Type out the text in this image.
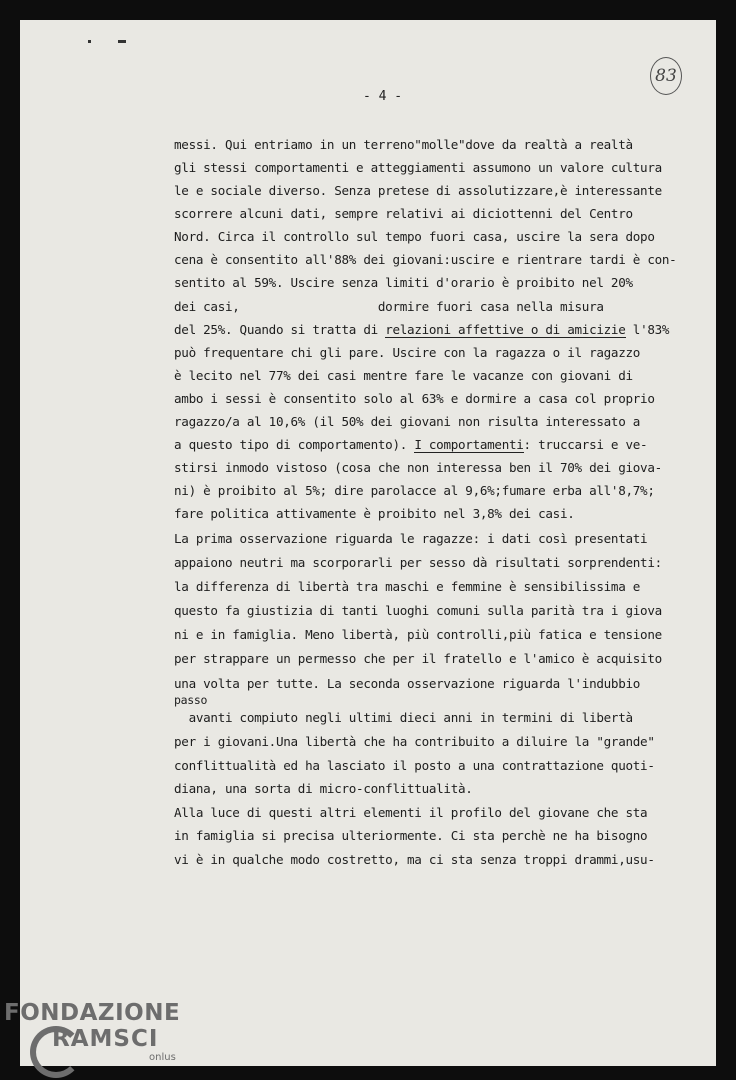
83
- 4 -
messi. Qui entriamo in un terreno"molle"dove da realtà a realtà
gli stessi comportamenti e atteggiamenti assumono un valore cultura
le e sociale diverso. Senza pretese di assolutizzare,è interessante
scorrere alcuni dati, sempre relativi ai diciottenni del Centro
Nord. Circa il controllo sul tempo fuori casa, uscire la sera dopo
cena è consentito all'88% dei giovani:uscire e rientrare tardi è con-
sentito al 59%. Uscire senza limiti d'orario è proibito nel 20%
dei casi,                   dormire fuori casa nella misura
del 25%. Quando si tratta di relazioni affettive o di amicizie l'83%
può frequentare chi gli pare. Uscire con la ragazza o il ragazzo
è lecito nel 77% dei casi mentre fare le vacanze con giovani di
ambo i sessi è consentito solo al 63% e dormire a casa col proprio
ragazzo/a al 10,6% (il 50% dei giovani non risulta interessato a
a questo tipo di comportamento). I comportamenti: truccarsi e ve-
stirsi inmodo vistoso (cosa che non interessa ben il 70% dei giova-
ni) è proibito al 5%; dire parolacce al 9,6%;fumare erba all'8,7%;
fare politica attivamente è proibito nel 3,8% dei casi.
La prima osservazione riguarda le ragazze: i dati così presentati
appaiono neutri ma scorporarli per sesso dà risultati sorprendenti:
la differenza di libertà tra maschi e femmine è sensibilissima e
questo fa giustizia di tanti luoghi comuni sulla parità tra i giova
ni e in famiglia. Meno libertà, più controlli,più fatica e tensione
per strappare un permesso che per il fratello e l'amico è acquisito
una volta per tutte. La seconda osservazione riguarda l'indubbio
passo
avanti compiuto negli ultimi dieci anni in termini di libertà
per i giovani.Una libertà che ha contribuito a diluire la "grande"
conflittualità ed ha lasciato il posto a una contrattazione quoti-
diana, una sorta di micro-conflittualità.
Alla luce di questi altri elementi il profilo del giovane che sta
in famiglia si precisa ulteriormente. Ci sta perchè ne ha bisogno
vi è in qualche modo costretto, ma ci sta senza troppi drammi,usu-
FONDAZIONE
RAMSCI
onlus
